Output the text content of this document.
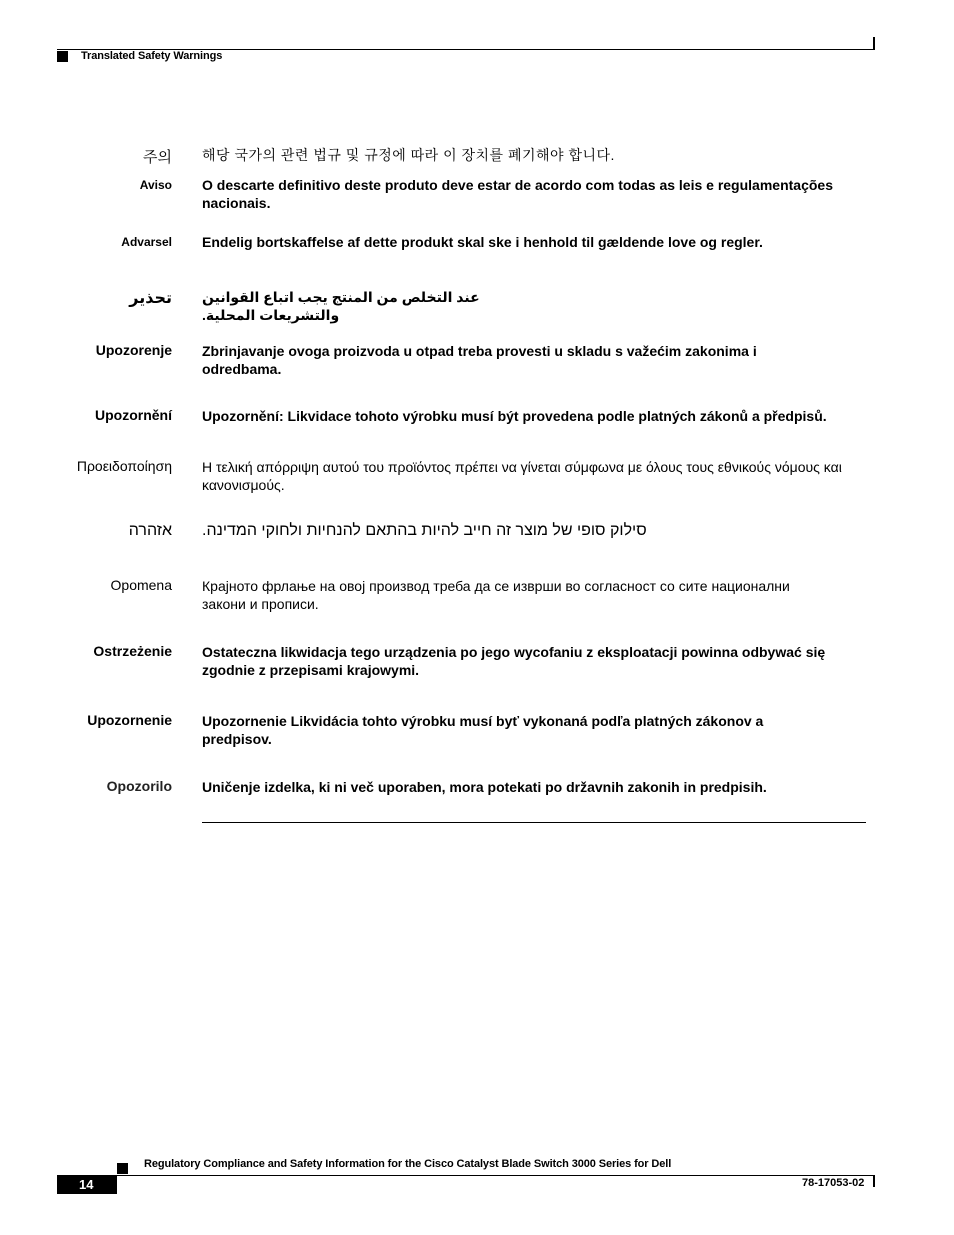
Translated Safety Warnings
주의 해당 국가의 관련 법규 및 규정에 따라 이 장치를 폐기해야 합니다.
Aviso O descarte definitivo deste produto deve estar de acordo com todas as leis e regulamentações nacionais.
Advarsel Endelig bortskaffelse af dette produkt skal ske i henhold til gældende love og regler.
تحذير عند التخلص من المنتج يجب اتباع القوانين والتشريعات المحلية.
Upozorenje Zbrinjavanje ovoga proizvoda u otpad treba provesti u skladu s važećim zakonima i odredbama.
Upozornění Upozornění: Likvidace tohoto výrobku musí být provedena podle platných zákonů a předpisů.
Προειδοποίηση Η τελική απόρριψη αυτού του προϊόντος πρέπει να γίνεται σύμφωνα με όλους τους εθνικούς νόμους και κανονισμούς.
אזהרה סילוק סופי של מוצר זה חייב להיות בהתאם להנחיות ולחוקי המדינה.
Opomena Крајното фрлање на овој производ треба да се изврши во согласност со сите национални закони и прописи.
Ostrzeżenie Ostateczna likwidacja tego urządzenia po jego wycofaniu z eksploatacji powinna odbywać się zgodnie z przepisami krajowymi.
Upozornenie Upozornenie Likvidácia tohto výrobku musí byť vykonaná podľa platných zákonov a predpisov.
Opozorilo Uničenje izdelka, ki ni več uporaben, mora potekati po državnih zakonih in predpisih.
Regulatory Compliance and Safety Information for the Cisco Catalyst Blade Switch 3000 Series for Dell
14	78-17053-02
